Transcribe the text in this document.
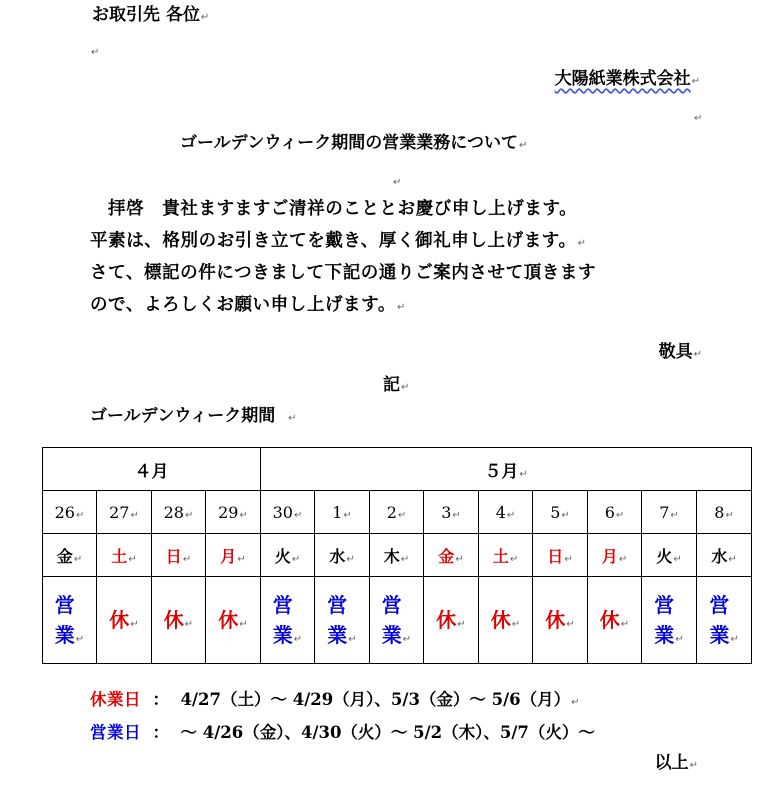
お取引先 各位↵
↵
大陽紙業株式会社↵
↵
ゴールデンウィーク期間の営業業務について↵
↵
拝啓　貴社ますますご清祥のこととお慶び申し上げます。
平素は、格別のお引き立てを戴き、厚く御礼申し上げます。↵
さて、標記の件につきまして下記の通りご案内させて頂きます
ので、よろしくお願い申し上げます。↵
敬具↵
記↵
ゴールデンウィーク期間 ↵
４月				５月↵								
26↵	27↵	28↵	29↵	30↵	1↵	2↵	3↵	4↵	5↵	6↵	7↵	8↵
金↵	土↵	日↵	月↵	火↵	水↵	木↵	金↵	土↵	日↵	月↵	火↵	水↵
営業↵	休↵	休↵	休↵	営業↵	営業↵	営業↵	休↵	休↵	休↵	休↵	営業↵	営業↵
休業日 ： 4/27（土）～ 4/29（月）、5/3（金）～ 5/6（月）↵
営業日 ： ～ 4/26（金）、4/30（火）～ 5/2（木）、5/7（火）～
以上↵
